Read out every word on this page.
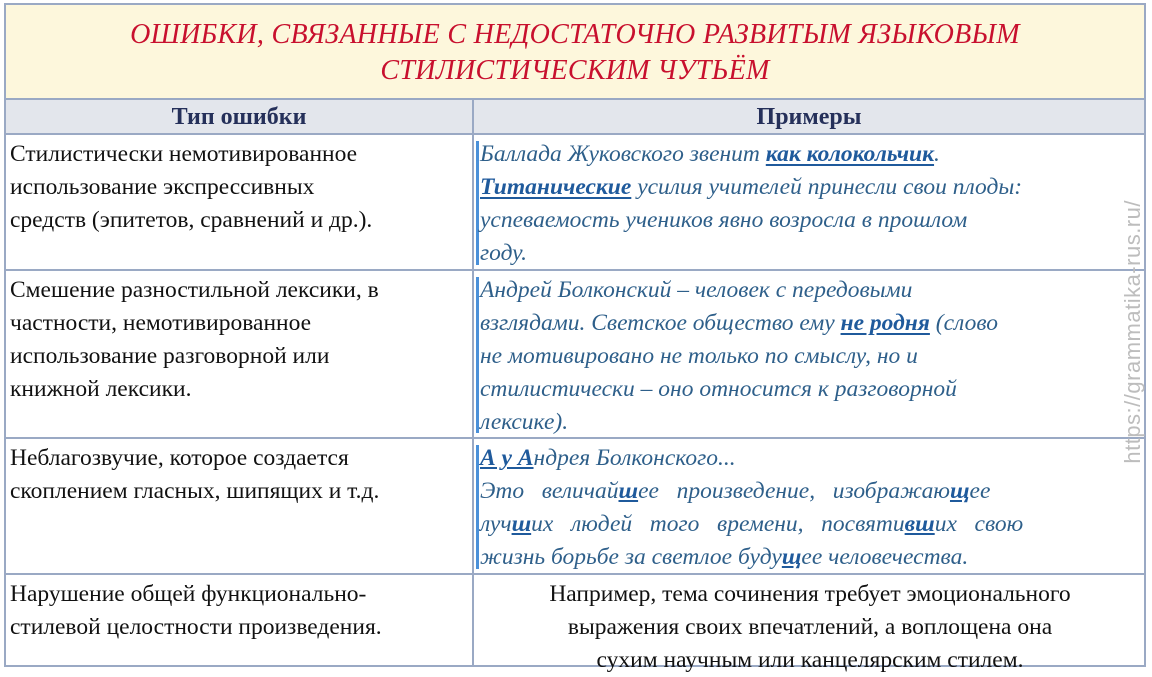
ОШИБКИ, СВЯЗАННЫЕ С НЕДОСТАТОЧНО РАЗВИТЫМ ЯЗЫКОВЫМ
СТИЛИСТИЧЕСКИМ ЧУТЬЁМ
Тип ошибки	Примеры
Стилистически немотивированное
использование экспрессивных
средств (эпитетов, сравнений и др.).
Баллада Жуковского звенит как колокольчик.
Титанические усилия учителей принесли свои плоды:
успеваемость учеников явно возросла в прошлом
году.
Смешение разностильной лексики, в
частности, немотивированное
использование разговорной или
книжной лексики.
Андрей Болконский – человек с передовыми
взглядами. Светское общество ему не родня (слово
не мотивировано не только по смыслу, но и
стилистически – оно относится к разговорной
лексике).
Неблагозвучие, которое создается
скоплением гласных, шипящих и т.д.
А у Андрея Болконского...
Это   величайшее   произведение,   изображающее
лучших   людей   того   времени,   посвятивших   свою
жизнь борьбе за светлое будущее человечества.
Нарушение общей функционально-
стилевой целостности произведения.
Например, тема сочинения требует эмоционального
выражения своих впечатлений, а воплощена она
сухим научным или канцелярским стилем.
https://grammatika-rus.ru/
